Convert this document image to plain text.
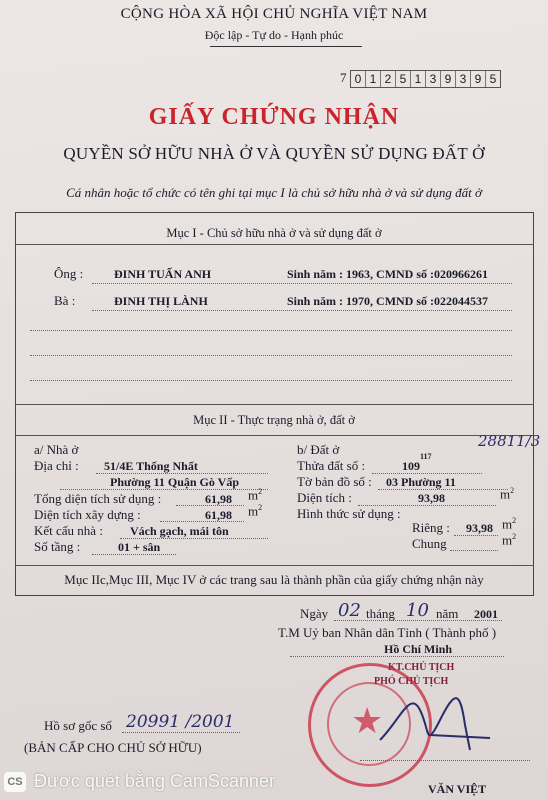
CỘNG HÒA XÃ HỘI CHỦ NGHĨA VIỆT NAM
Độc lập - Tự do - Hạnh phúc
7 0 1 2 5 1 3 9 3 9 5
GIẤY CHỨNG NHẬN
QUYỀN SỞ HỮU NHÀ Ở VÀ QUYỀN SỬ DỤNG ĐẤT Ở
Cá nhân hoặc tổ chức có tên ghi tại mục I là chủ sở hữu nhà ở và sử dụng đất ở
Mục I - Chủ sở hữu nhà ở và sử dụng đất ở
Ông :	ĐINH TUẤN ANH	Sinh năm : 1963, CMND số :020966261
Bà :	ĐINH THỊ LÀNH	Sinh năm : 1970, CMND số :022044537
Mục II - Thực trạng nhà ở, đất ở
a/ Nhà ở
Địa chỉ : 51/4E Thống Nhất
Phường 11 Quận Gò Vấp
Tổng diện tích sử dụng :	61,98 $m^2$
Diện tích xây dựng :	61,98 $m^2$
Kết cấu nhà : Vách gạch, mái tôn
Số tầng :	01 + sân
b/ Đất ở	28811/3
Thửa đất số :	109
117
Tờ bản đồ số : 03 Phường 11
Diện tích :	93,98	$m^2$
Hình thức sử dụng :
Riêng : 93,98 $m^2$
Chung	$m^2$
Mục IIc,Mục III, Mục IV ở các trang sau là thành phần của giấy chứng nhận này
Ngày 02 tháng 10 năm 2001
T.M Uỷ ban Nhân dân Tỉnh ( Thành phố )
Hồ Chí Minh
KT.CHỦ TỊCH
PHÓ CHỦ TỊCH
★
VĂN VIỆT
Hồ sơ gốc số 20991 /2001
(BẢN CẤP CHO CHỦ SỞ HỮU)
CS Được quét bằng CamScanner
